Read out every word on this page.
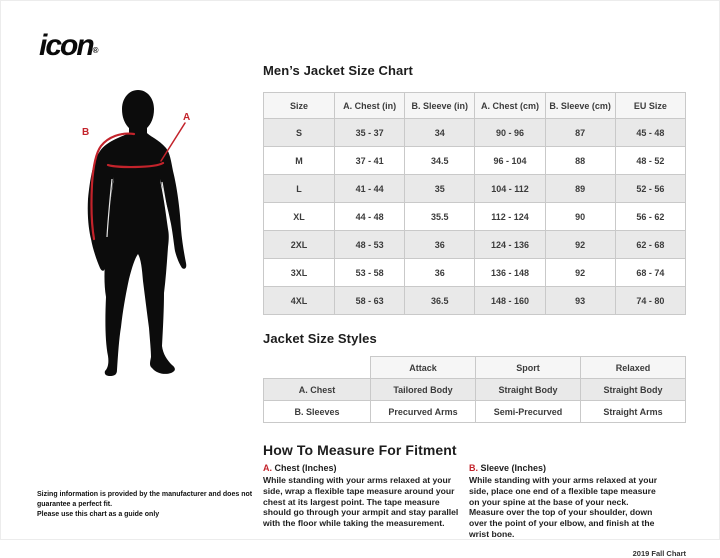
icon®
A
B
Men’s Jacket Size Chart
Size	A. Chest (in)	B. Sleeve (in)	A. Chest (cm)	B. Sleeve (cm)	EU Size
S	35 - 37	34	90 - 96	87	45 - 48
M	37 - 41	34.5	96 - 104	88	48 - 52
L	41 - 44	35	104 - 112	89	52 - 56
XL	44 - 48	35.5	112 - 124	90	56 - 62
2XL	48 - 53	36	124 - 136	92	62 - 68
3XL	53 - 58	36	136 - 148	92	68 - 74
4XL	58 - 63	36.5	148 - 160	93	74 - 80
Jacket Size Styles
	Attack	Sport	Relaxed
A. Chest	Tailored Body	Straight Body	Straight Body
B. Sleeves	Precurved Arms	Semi-Precurved	Straight Arms
How To Measure For Fitment
A. Chest (Inches)

While standing with your arms relaxed at your side, wrap a flexible tape measure around your chest at its largest point. The tape measure should go through your armpit and stay parallel with the floor while taking the measurement.

B. Sleeve (Inches)

While standing with your arms relaxed at your side, place one end of a flexible tape measure on your spine at the base of your neck. Measure over the top of your shoulder, down over the point of your elbow, and finish at the wrist bone.

2019 Fall Chart
Sizing information is provided by the manufacturer and does not guarantee a perfect fit.
Please use this chart as a guide only
